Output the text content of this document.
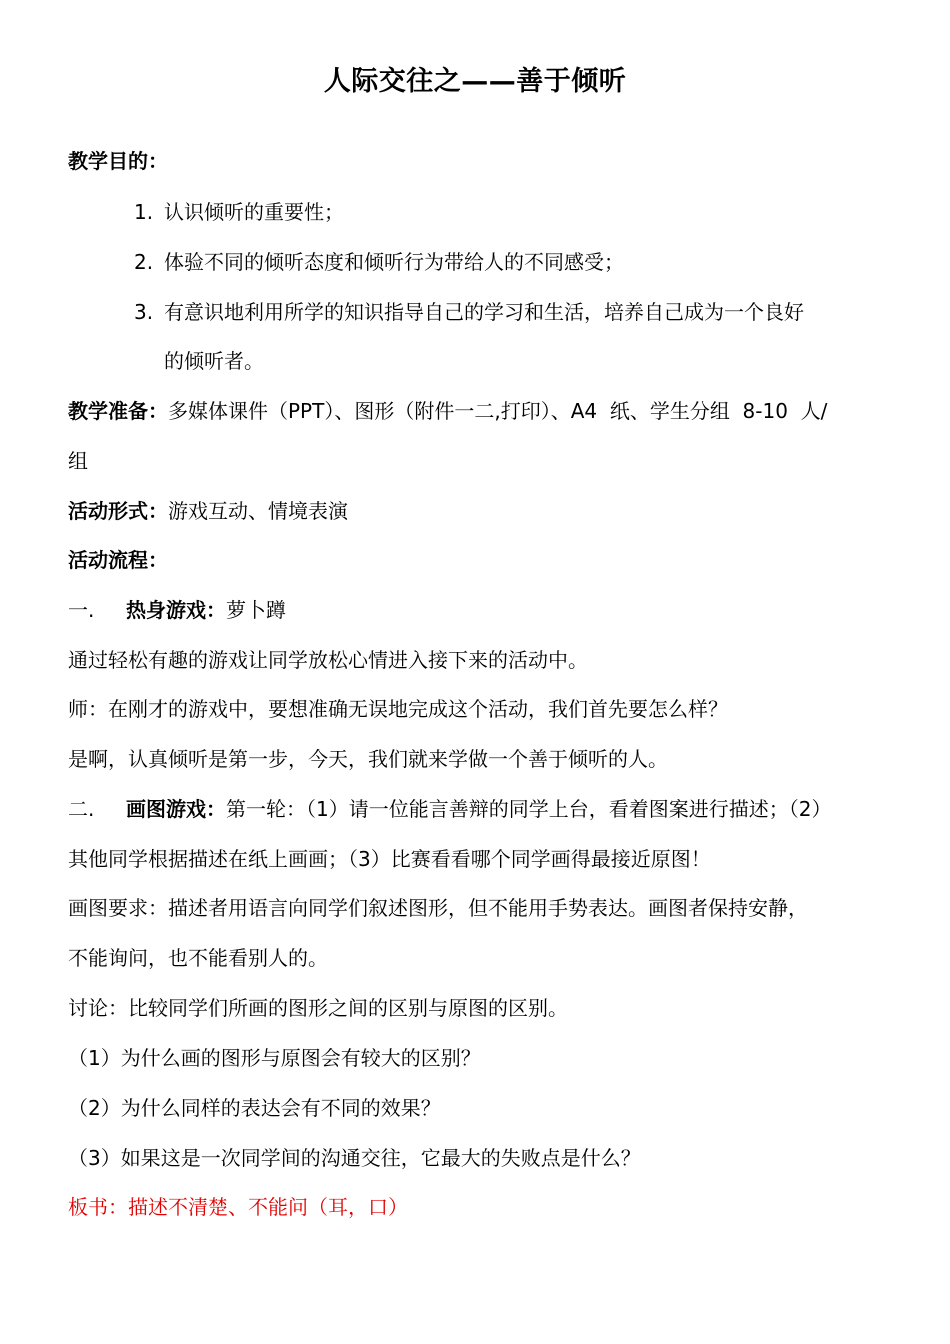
人际交往之——善于倾听
教学目的：
1. 认识倾听的重要性；
2. 体验不同的倾听态度和倾听行为带给人的不同感受；
3. 有意识地利用所学的知识指导自己的学习和生活，培养自己成为一个良好
的倾听者。
教学准备：多媒体课件（PPT）、图形（附件一二,打印）、A4  纸、学生分组  8-10  人/
组
活动形式：游戏互动、情境表演
活动流程：
一. 热身游戏：萝卜蹲
通过轻松有趣的游戏让同学放松心情进入接下来的活动中。
师：在刚才的游戏中，要想准确无误地完成这个活动，我们首先要怎么样？
是啊，认真倾听是第一步，今天，我们就来学做一个善于倾听的人。
二. 画图游戏：第一轮：（1）请一位能言善辩的同学上台，看着图案进行描述；（2）
其他同学根据描述在纸上画画；（3）比赛看看哪个同学画得最接近原图！
画图要求：描述者用语言向同学们叙述图形，但不能用手势表达。画图者保持安静，
不能询问，也不能看别人的。
讨论：比较同学们所画的图形之间的区别与原图的区别。
（1）为什么画的图形与原图会有较大的区别？
（2）为什么同样的表达会有不同的效果？
（3）如果这是一次同学间的沟通交往，它最大的失败点是什么？
板书：描述不清楚、不能问（耳，口）
